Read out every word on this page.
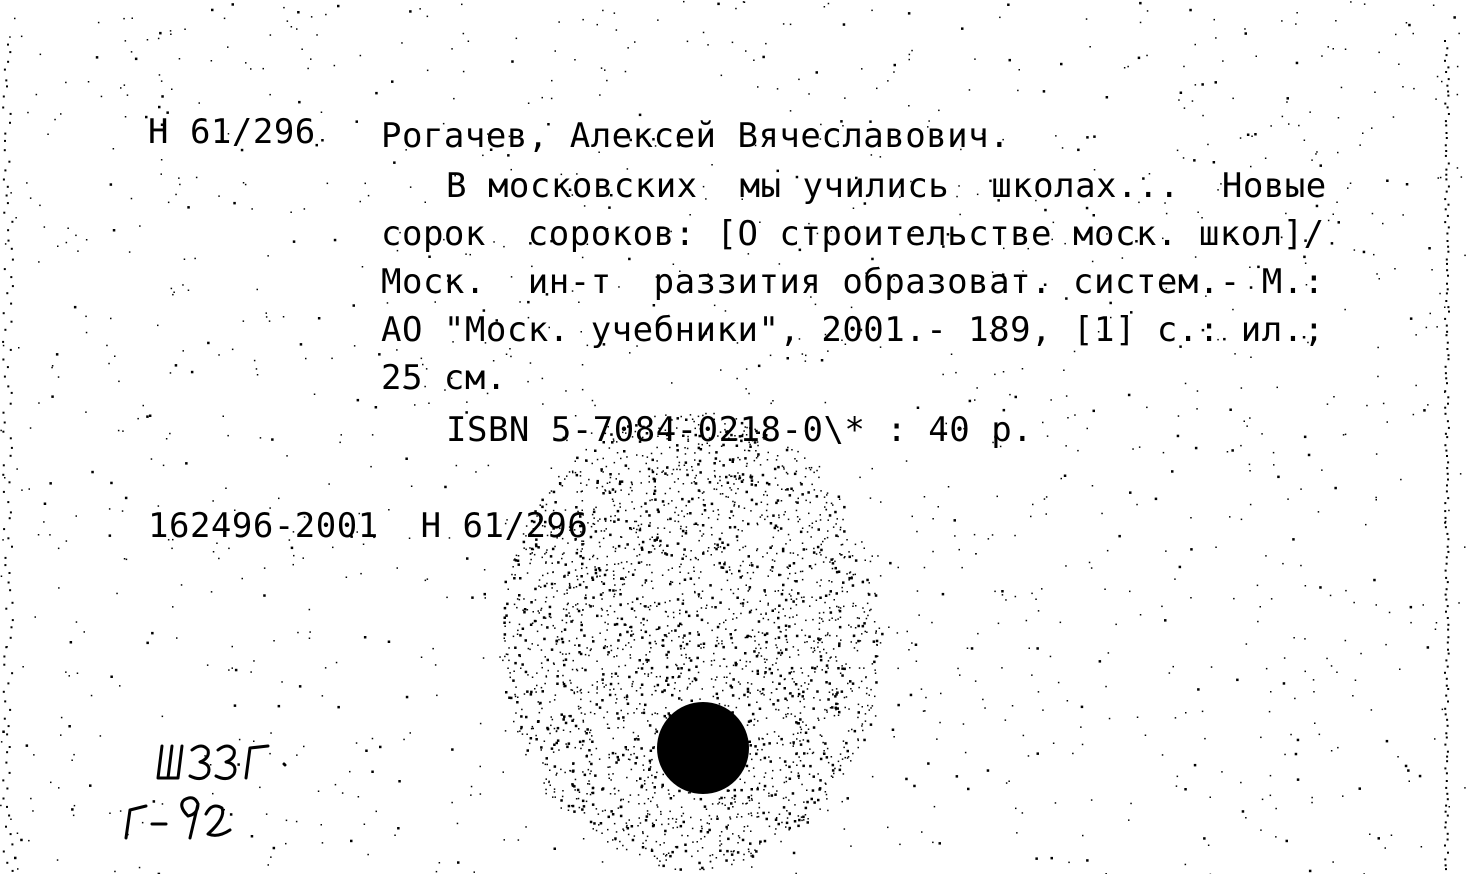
Н 61/296 Рогачев, Алексей Вячеславович.
В московских  мы учились  школах...  Новые
сорок  сороков: [О строительстве моск. школ]/
Моск.  ин-т  раззития образоват. систем.- М.:
АО "Моск. учебники", 2001.- 189, [1] с.: ил.;
25 см.
ISBN 5-7084-0218-0\* : 40 р.
162496-2001  Н 61/296
